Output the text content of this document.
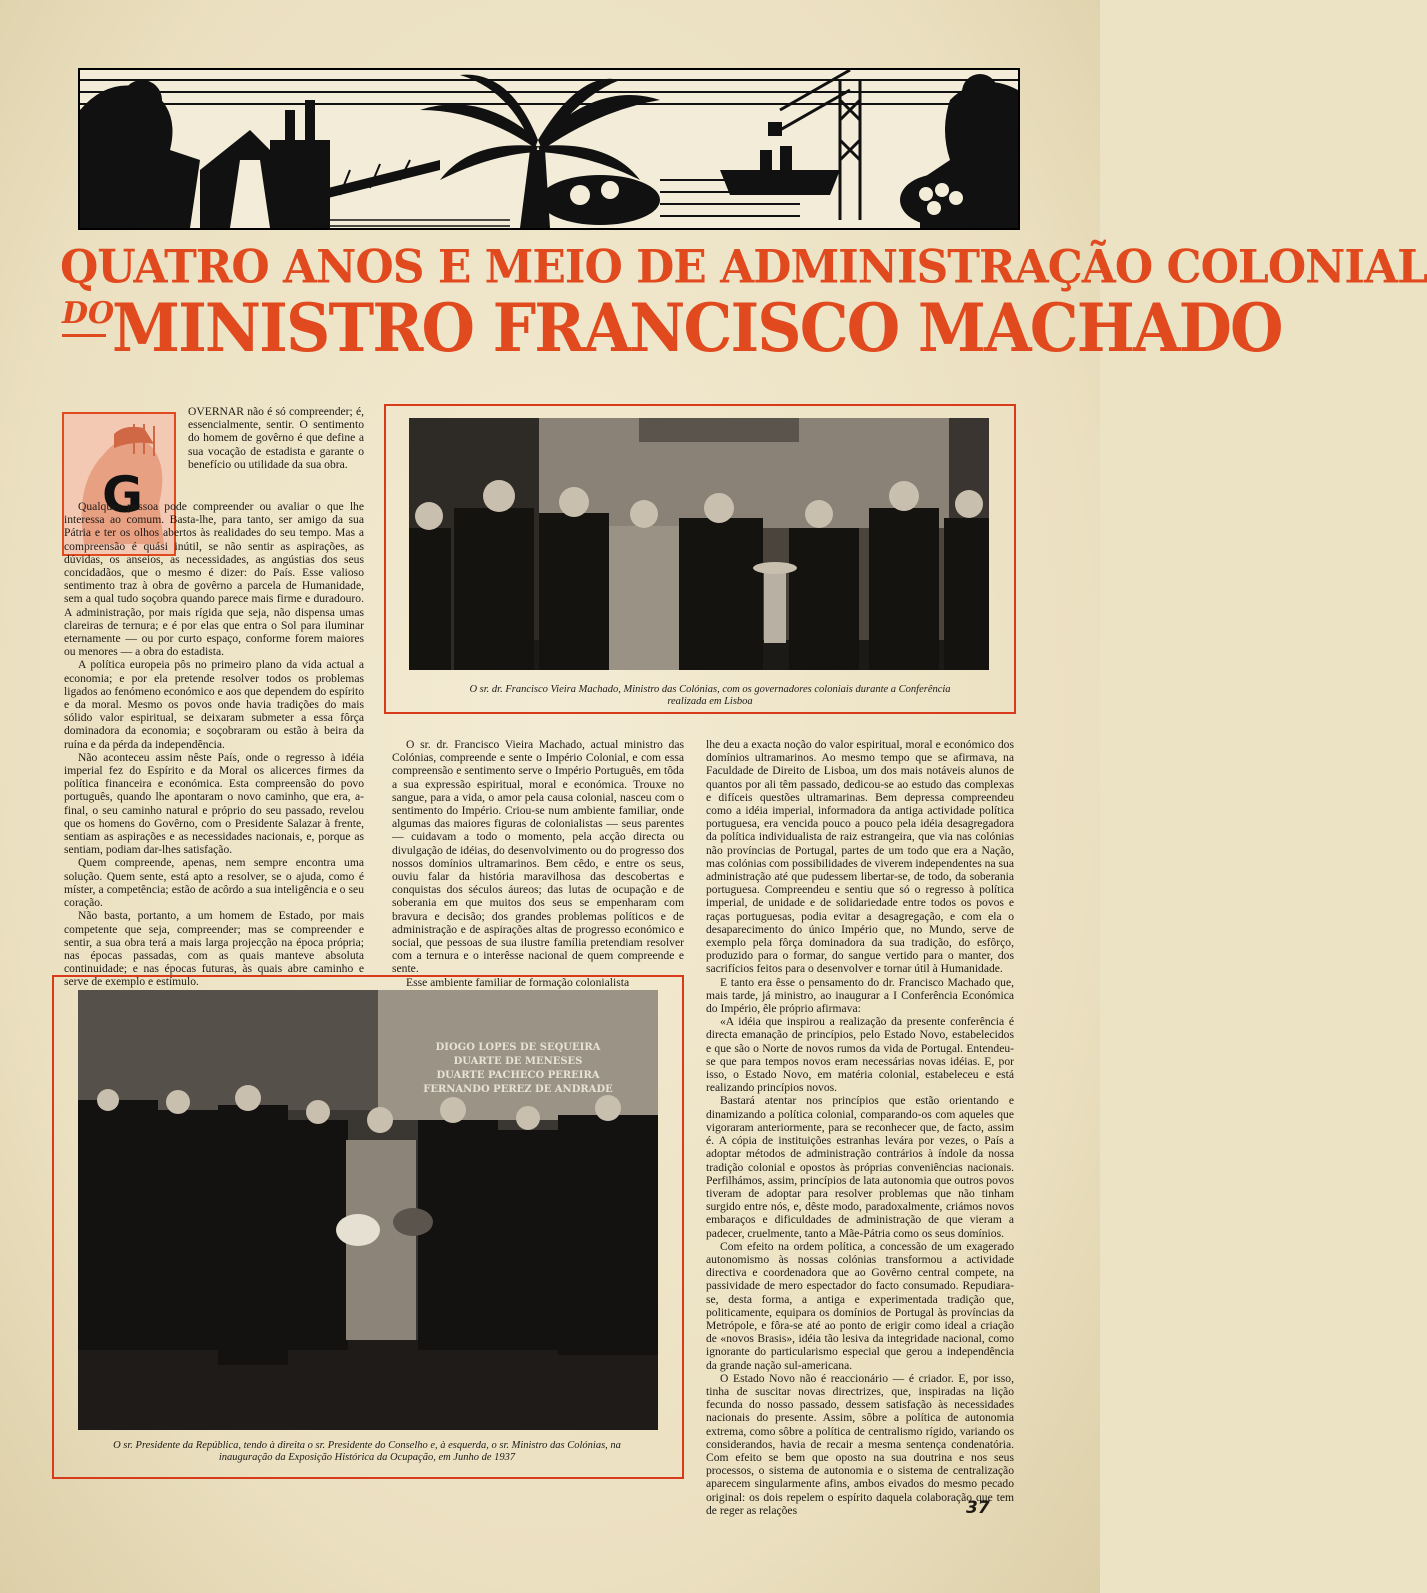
QUATRO ANOS E MEIO DE ADMINISTRAÇÃO COLONIAL
DO
MINISTRO FRANCISCO MACHADO
G

OVERNAR não é só compreender; é, essencialmente, sentir. O sentimento do homem de govêrno é que define a sua vocação de estadista e garante o benefício ou utilidade da sua obra.

Qualquer pessoa pode compreender ou avaliar o que lhe interessa ao comum. Basta-lhe, para tanto, ser amigo da sua Pátria e ter os olhos abertos às realidades do seu tempo. Mas a compreensão é quási inútil, se não sentir as aspirações, as dúvidas, os anseios, as necessidades, as angústias dos seus concidadãos, que o mesmo é dizer: do País. Esse valioso sentimento traz à obra de govêrno a parcela de Humanidade, sem a qual tudo soçobra quando parece mais firme e duradouro. A administração, por mais rígida que seja, não dispensa umas clareiras de ternura; e é por elas que entra o Sol para iluminar eternamente — ou por curto espaço, conforme forem maiores ou menores — a obra do estadista.

A política europeia pôs no primeiro plano da vida actual a economia; e por ela pretende resolver todos os problemas ligados ao fenómeno económico e aos que dependem do espírito e da moral. Mesmo os povos onde havia tradições do mais sólido valor espiritual, se deixaram submeter a essa fôrça dominadora da economia; e soçobraram ou estão à beira da ruína e da pérda da independência.

Não aconteceu assim nêste País, onde o regresso à idéia imperial fez do Espírito e da Moral os alicerces firmes da política financeira e económica. Esta compreensão do povo português, quando lhe apontaram o novo caminho, que era, a-final, o seu caminho natural e próprio do seu passado, revelou que os homens do Govêrno, com o Presidente Salazar à frente, sentiam as aspirações e as necessidades nacionais, e, porque as sentiam, podiam dar-lhes satisfação.

Quem compreende, apenas, nem sempre encontra uma solução. Quem sente, está apto a resolver, se o ajuda, como é míster, a competência; estão de acôrdo a sua inteligência e o seu coração.

Não basta, portanto, a um homem de Estado, por mais competente que seja, compreender; mas se compreender e sentir, a sua obra terá a mais larga projecção na época própria; nas épocas passadas, com as quais manteve absoluta continuidade; e nas épocas futuras, às quais abre caminho e serve de exemplo e estímulo.

O sr. dr. Francisco Vieira Machado, Ministro das Colónias, com os governadores coloniais durante a Conferência realizada em Lisboa

O sr. dr. Francisco Vieira Machado, actual ministro das Colónias, compreende e sente o Império Colonial, e com essa compreensão e sentimento serve o Império Português, em tôda a sua expressão espiritual, moral e económica. Trouxe no sangue, para a vida, o amor pela causa colonial, nasceu com o sentimento do Império. Criou-se num ambiente familiar, onde algumas das maiores figuras de colonialistas — seus parentes — cuidavam a todo o momento, pela acção directa ou divulgação de idéias, do desenvolvimento ou do progresso dos nossos domínios ultramarinos. Bem cêdo, e entre os seus, ouviu falar da história maravilhosa das descobertas e conquistas dos séculos áureos; das lutas de ocupação e de soberania em que muitos dos seus se empenharam com bravura e decisão; dos grandes problemas políticos e de administração e de aspirações altas de progresso económico e social, que pessoas de sua ilustre família pretendiam resolver com a ternura e o interêsse nacional de quem compreende e sente.

Esse ambiente familiar de formação colonialista

lhe deu a exacta noção do valor espiritual, moral e económico dos domínios ultramarinos. Ao mesmo tempo que se afirmava, na Faculdade de Direito de Lisboa, um dos mais notáveis alunos de quantos por ali têm passado, dedicou-se ao estudo das complexas e difíceis questões ultramarinas. Bem depressa compreendeu como a idéia imperial, informadora da antiga actividade política portuguesa, era vencida pouco a pouco pela idéia desagregadora da política individualista de raiz estrangeira, que via nas colónias não províncias de Portugal, partes de um todo que era a Nação, mas colónias com possibilidades de viverem independentes na sua administração até que pudessem libertar-se, de todo, da soberania portuguesa. Compreendeu e sentiu que só o regresso à política imperial, de unidade e de solidariedade entre todos os povos e raças portuguesas, podia evitar a desagregação, e com ela o desaparecimento do único Império que, no Mundo, serve de exemplo pela fôrça dominadora da sua tradição, do esfôrço, produzido para o formar, do sangue vertido para o manter, dos sacrifícios feitos para o desenvolver e tornar útil à Humanidade.

E tanto era êsse o pensamento do dr. Francisco Machado que, mais tarde, já ministro, ao inaugurar a I Conferência Económica do Império, êle próprio afirmava:

«A idéia que inspirou a realização da presente conferência é directa emanação de princípios, pelo Estado Novo, estabelecidos e que são o Norte de novos rumos da vida de Portugal. Entendeu-se que para tempos novos eram necessárias novas idéias. E, por isso, o Estado Novo, em matéria colonial, estabeleceu e está realizando princípios novos.

Bastará atentar nos princípios que estão orientando e dinamizando a política colonial, comparando-os com aqueles que vigoraram anteriormente, para se reconhecer que, de facto, assim é. A cópia de instituições estranhas levára por vezes, o País a adoptar métodos de administração contrários à índole da nossa tradição colonial e opostos às próprias conveniências nacionais. Perfilhámos, assim, princípios de lata autonomia que outros povos tiveram de adoptar para resolver problemas que não tinham surgido entre nós, e, dêste modo, paradoxalmente, criámos novos embaraços e dificuldades de administração de que vieram a padecer, cruelmente, tanto a Mãe-Pátria como os seus domínios.

Com efeito na ordem política, a concessão de um exagerado autonomismo às nossas colónias transformou a actividade directiva e coordenadora que ao Govêrno central compete, na passividade de mero espectador do facto consumado. Repudiara-se, desta forma, a antiga e experimentada tradição que, politicamente, equipara os domínios de Portugal às províncias da Metrópole, e fôra-se até ao ponto de erigir como ideal a criação de «novos Brasis», idéia tão lesiva da integridade nacional, como ignorante do particularismo especial que gerou a independência da grande nação sul-americana.

O Estado Novo não é reaccionário — é criador. E, por isso, tinha de suscitar novas directrizes, que, inspiradas na lição fecunda do nosso passado, dessem satisfação às necessidades nacionais do presente. Assim, sôbre a política de autonomia extrema, como sôbre a política de centralismo rígido, variando os considerandos, havia de recair a mesma sentença condenatória. Com efeito se bem que oposto na sua doutrina e nos seus processos, o sistema de autonomia e o sistema de centralização aparecem singularmente afins, ambos eivados do mesmo pecado original: os dois repelem o espírito daquela colaboração que tem de reger as relações

DIOGO LOPES DE SEQUEIRA
DUARTE DE MENESES
DUARTE PACHECO PEREIRA
FERNANDO PEREZ DE ANDRADE
O sr. Presidente da República, tendo à direita o sr. Presidente do Conselho e, à esquerda, o sr. Ministro das Colónias, na inauguração da Exposição Histórica da Ocupação, em Junho de 1937
37
